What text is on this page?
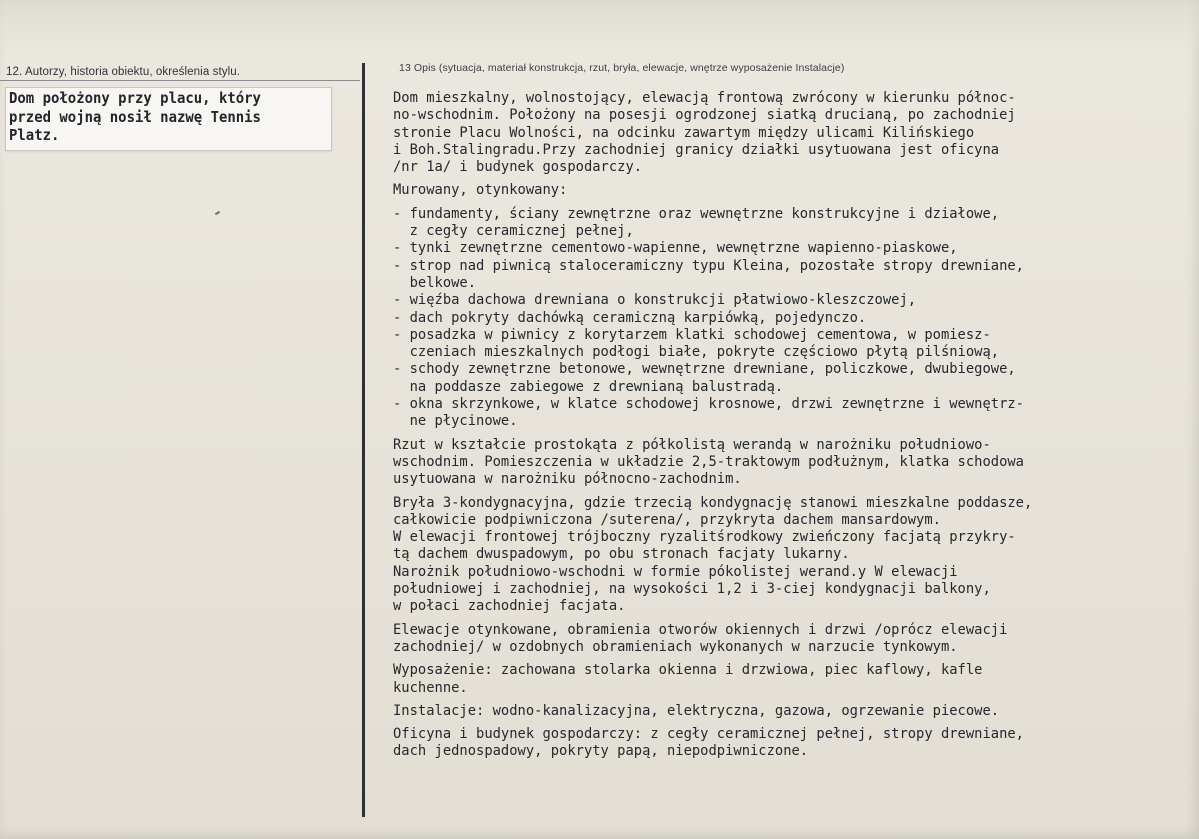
12. Autorzy, historia obiektu, określenia stylu.
Dom położony przy placu, który
przed wojną nosił nazwę Tennis
Platz.
13 Opis (sytuacja, materiał konstrukcja, rzut, bryła, elewacje, wnętrze wyposażenie Instalacje)
Dom mieszkalny, wolnostojący, elewacją frontową zwrócony w kierunku północ-
no-wschodnim. Położony na posesji ogrodzonej siatką drucianą, po zachodniej
stronie Placu Wolności, na odcinku zawartym między ulicami Kilińskiego
i Boh.Stalingradu.Przy zachodniej granicy działki usytuowana jest oficyna
/nr 1a/ i budynek gospodarczy.
Murowany, otynkowany:
- fundamenty, ściany zewnętrzne oraz wewnętrzne konstrukcyjne i działowe,
z cegły ceramicznej pełnej,
- tynki zewnętrzne cementowo-wapienne, wewnętrzne wapienno-piaskowe,
- strop nad piwnicą staloceramiczny typu Kleina, pozostałe stropy drewniane,
belkowe.
- więźba dachowa drewniana o konstrukcji płatwiowo-kleszczowej,
- dach pokryty dachówką ceramiczną karpiówką, pojedynczo.
- posadzka w piwnicy z korytarzem klatki schodowej cementowa, w pomiesz-
czeniach mieszkalnych podłogi białe, pokryte częściowo płytą pilśniową,
- schody zewnętrzne betonowe, wewnętrzne drewniane, policzkowe, dwubiegowe,
na poddasze zabiegowe z drewnianą balustradą.
- okna skrzynkowe, w klatce schodowej krosnowe, drzwi zewnętrzne i wewnętrz-
ne płycinowe.
Rzut w kształcie prostokąta z półkolistą werandą w narożniku południowo-
wschodnim. Pomieszczenia w układzie 2,5-traktowym podłużnym, klatka schodowa
usytuowana w narożniku północno-zachodnim.
Bryła 3-kondygnacyjna, gdzie trzecią kondygnację stanowi mieszkalne poddasze,
całkowicie podpiwniczona /suterena/, przykryta dachem mansardowym.
W elewacji frontowej trójboczny ryzalitśrodkowy zwieńczony facjatą przykry-
tą dachem dwuspadowym, po obu stronach facjaty lukarny.
Narożnik południowo-wschodni w formie pókolistej werand.y W elewacji
południowej i zachodniej, na wysokości 1,2 i 3-ciej kondygnacji balkony,
w połaci zachodniej facjata.
Elewacje otynkowane, obramienia otworów okiennych i drzwi /oprócz elewacji
zachodniej/ w ozdobnych obramieniach wykonanych w narzucie tynkowym.
Wyposażenie: zachowana stolarka okienna i drzwiowa, piec kaflowy, kafle
kuchenne.
Instalacje: wodno-kanalizacyjna, elektryczna, gazowa, ogrzewanie piecowe.
Oficyna i budynek gospodarczy: z cegły ceramicznej pełnej, stropy drewniane,
dach jednospadowy, pokryty papą, niepodpiwniczone.
